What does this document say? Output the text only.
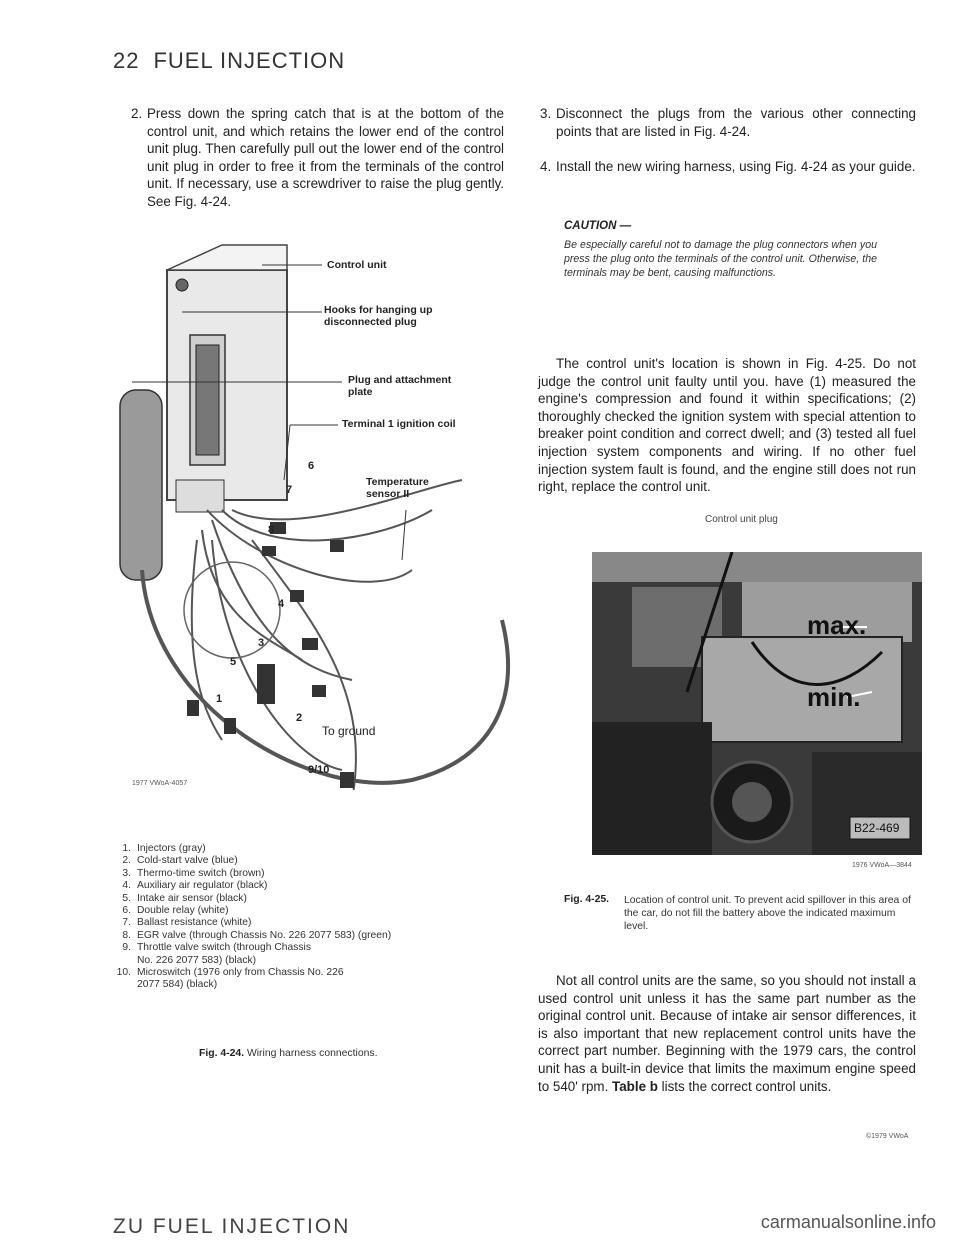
22 FUEL INJECTION
2. Press down the spring catch that is at the bottom of the control unit, and which retains the lower end of the control unit plug. Then carefully pull out the lower end of the control unit plug in order to free it from the terminals of the control unit. If necessary, use a screwdriver to raise the plug gently. See Fig. 4-24.
Control unit
Hooks for hanging up disconnected plug
Plug and attachment plate
Terminal 1 ignition coil
Temperature sensor II
To ground
6
7
8
4
3
5
1
2
9/10
1977 VWoA-4057
1. Injectors (gray)
2. Cold-start valve (blue)
3. Thermo-time switch (brown)
4. Auxiliary air regulator (black)
5. Intake air sensor (black)
6. Double relay (white)
7. Ballast resistance (white)
8. EGR valve (through Chassis No. 226 2077 583) (green)
9. Throttle valve switch (through Chassis No. 226 2077 583) (black)
10. Microswitch (1976 only from Chassis No. 226 2077 584) (black)
Fig. 4-24. Wiring harness connections.
3. Disconnect the plugs from the various other connecting points that are listed in Fig. 4-24.
4. Install the new wiring harness, using Fig. 4-24 as your guide.
CAUTION —
Be especially careful not to damage the plug connectors when you press the plug onto the terminals of the control unit. Otherwise, the terminals may be bent, causing malfunctions.
The control unit's location is shown in Fig. 4-25. Do not judge the control unit faulty until you. have (1) measured the engine's compression and found it within specifications; (2) thoroughly checked the ignition system with special attention to breaker point condition and correct dwell; and (3) tested all fuel injection system components and wiring. If no other fuel injection system fault is found, and the engine still does not run right, replace the control unit.
Control unit plug
max.
min.
B22-469
1976 VWoA—3844
Fig. 4-25. Location of control unit. To prevent acid spillover in this area of the car, do not fill the battery above the indicated maximum level.
Not all control units are the same, so you should not install a used control unit unless it has the same part number as the original control unit. Because of intake air sensor differences, it is also important that new replacement control units have the correct part number. Beginning with the 1979 cars, the control unit has a built-in device that limits the maximum engine speed to 540' rpm. Table b lists the correct control units.
©1979 VWoA
ZU FUEL INJECTION	carmanualsonline.info
